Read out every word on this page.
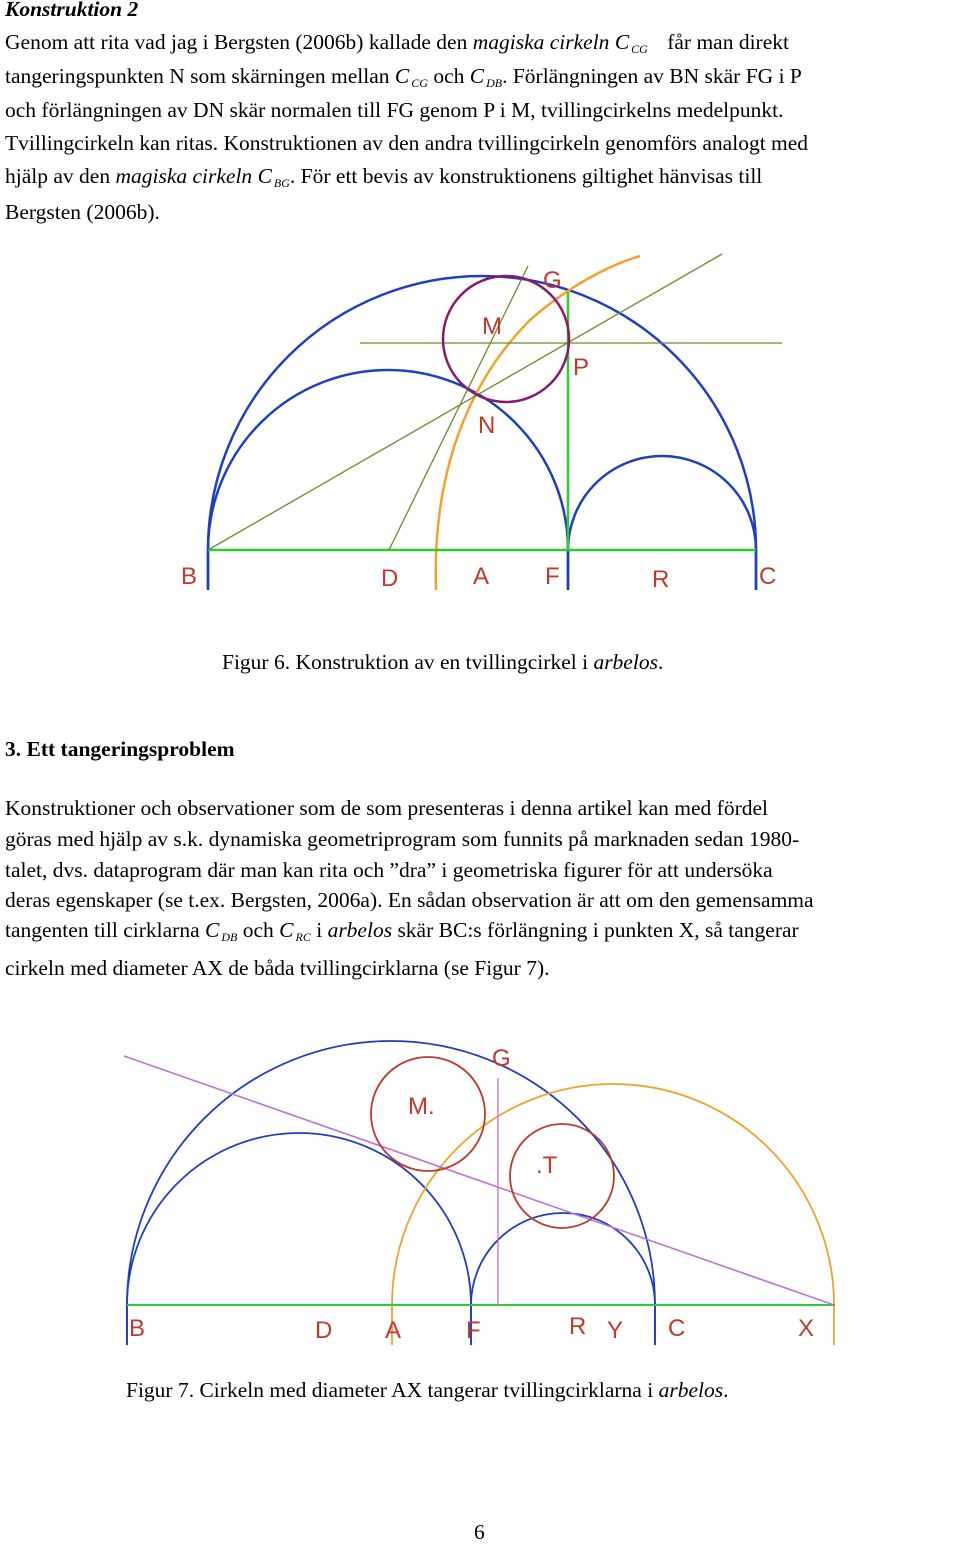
Konstruktion 2

Genom att rita vad jag i Bergsten (2006b) kallade den magiska cirkeln C $_{CG}$ får man direkt

tangeringspunkten N som skärningen mellan C $_{CG}$ och C $_{DB}$. Förlängningen av BN skär FG i P

och förlängningen av DN skär normalen till FG genom P i M, tvillingcirkelns medelpunkt.

Tvillingcirkeln kan ritas. Konstruktionen av den andra tvillingcirkeln genomförs analogt med

hjälp av den magiska cirkeln C $_{BG}$. För ett bevis av konstruktionens giltighet hänvisas till

Bergsten (2006b).

G
M
P
N
B	D	A F	R	C

Figur 6. Konstruktion av en tvillingcirkel i arbelos.

3. Ett tangeringsproblem

Konstruktioner och observationer som de som presenteras i denna artikel kan med fördel

göras med hjälp av s.k. dynamiska geometriprogram som funnits på marknaden sedan 1980-

talet, dvs. dataprogram där man kan rita och ”dra” i geometriska figurer för att undersöka

deras egenskaper (se t.ex. Bergsten, 2006a). En sådan observation är att om den gemensamma

tangenten till cirklarna C $_{DB}$ och C $_{RC}$ i arbelos skär BC:s förlängning i punkten X, så tangerar

cirkeln med diameter AX de båda tvillingcirklarna (se Figur 7).

G
M.
.T
B	D A	F	R Y C	X

Figur 7. Cirkeln med diameter AX tangerar tvillingcirklarna i arbelos.

6
